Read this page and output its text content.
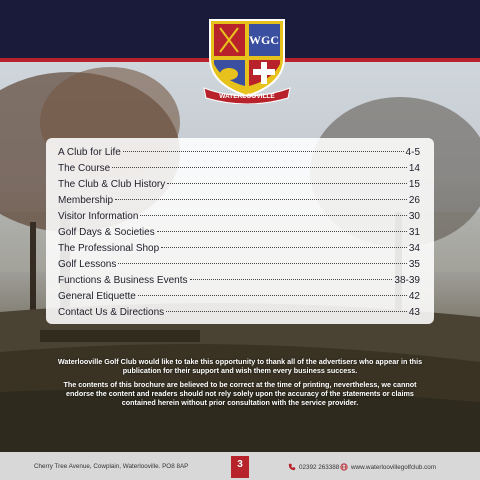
WGC
WATERLOOVILLE
A Club for Life	4-5
The Course	14
The Club & Club History	15
Membership	26
Visitor Information	30
Golf Days & Societies	31
The Professional Shop	34
Golf Lessons	35
Functions & Business Events	38-39
General Etiquette	42
Contact Us & Directions	43

Waterlooville Golf Club would like to take this opportunity to thank all of the advertisers who appear in this publication for their support and wish them every business success.

The contents of this brochure are believed to be correct at the time of printing, nevertheless, we cannot endorse the content and readers should not rely solely upon the accuracy of the statements or claims contained herein without prior consultation with the service provider.

Cherry Tree Avenue, Cowplain, Waterlooville. PO8 8AP	02392 263388 www.waterloovillegolfclub.com
3
